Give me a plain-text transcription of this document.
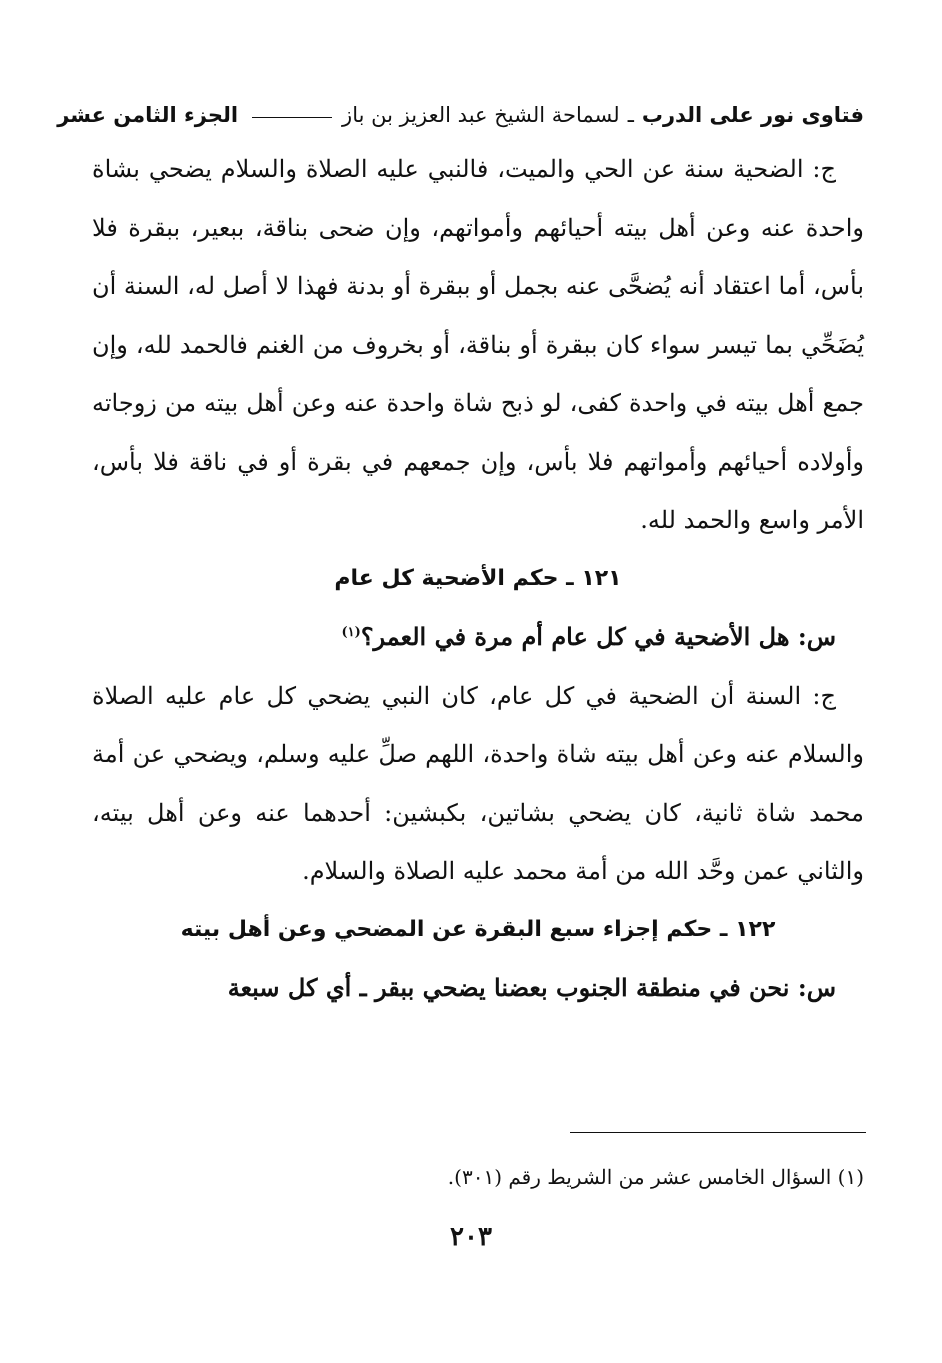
فتاوى نور على الدرب
ـ
لسماحة الشيخ عبد العزيز بن باز
الجزء الثامن عشر

ج: الضحية سنة عن الحي والميت، فالنبي عليه الصلاة والسلام يضحي بشاة واحدة عنه وعن أهل بيته أحيائهم وأمواتهم، وإن ضحى بناقة، ببعير، ببقرة فلا بأس، أما اعتقاد أنه يُضحَّى عنه بجمل أو ببقرة أو بدنة فهذا لا أصل له، السنة أن يُضَحِّي بما تيسر سواء كان ببقرة أو بناقة، أو بخروف من الغنم فالحمد لله، وإن جمع أهل بيته في واحدة كفى، لو ذبح شاة واحدة عنه وعن أهل بيته من زوجاته وأولاده أحيائهم وأمواتهم فلا بأس، وإن جمعهم في بقرة أو في ناقة فلا بأس، الأمر واسع والحمد لله.

١٢١ ـ حكم الأضحية كل عام

س: هل الأضحية في كل عام أم مرة في العمر؟$^{(١)}$

ج: السنة أن الضحية في كل عام، كان النبي يضحي كل عام عليه الصلاة والسلام عنه وعن أهل بيته شاة واحدة، اللهم صلِّ عليه وسلم، ويضحي عن أمة محمد شاة ثانية، كان يضحي بشاتين، بكبشين: أحدهما عنه وعن أهل بيته، والثاني عمن وحَّد الله من أمة محمد عليه الصلاة والسلام.

١٢٢ ـ حكم إجزاء سبع البقرة عن المضحي وعن أهل بيته

س: نحن في منطقة الجنوب بعضنا يضحي ببقر ـ أي كل سبعة

(١) السؤال الخامس عشر من الشريط رقم (٣٠١).
٢٠٣
